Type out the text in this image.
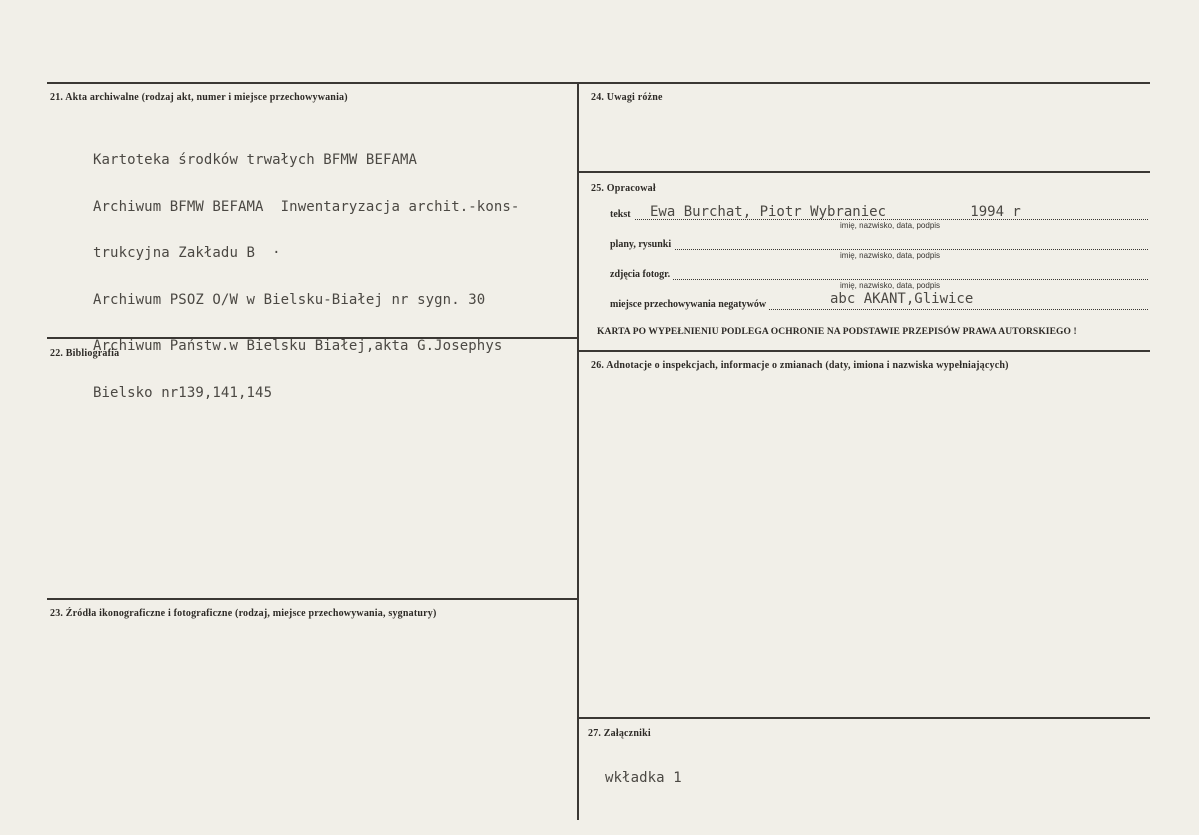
21. Akta archiwalne (rodzaj akt, numer i miejsce przechowywania)

Kartoteka środków trwałych BFMW BEFAMA

Archiwum BFMW BEFAMA  Inwentaryzacja archit.-kons-

trukcyjna Zakładu B  ·

Archiwum PSOZ O/W w Bielsku-Białej nr sygn. 30

Archiwum Państw.w Bielsku Białej,akta G.Josephys

Bielsko nr139,141,145

22. Bibliografia
23. Źródła ikonograficzne i fotograficzne (rodzaj, miejsce przechowywania, sygnatury)
24. Uwagi różne
25. Opracował
tekst Ewa Burchat, Piotr Wybraniec          1994 r
imię, nazwisko, data, podpis
plany, rysunki
imię, nazwisko, data, podpis
zdjęcia fotogr.
imię, nazwisko, data, podpis
miejsce przechowywania negatywów	abc AKANT,Gliwice
KARTA PO WYPEŁNIENIU PODLEGA OCHRONIE NA PODSTAWIE PRZEPISÓW PRAWA AUTORSKIEGO !
26. Adnotacje o inspekcjach, informacje o zmianach (daty, imiona i nazwiska wypełniających)
27. Załączniki
wkładka 1
